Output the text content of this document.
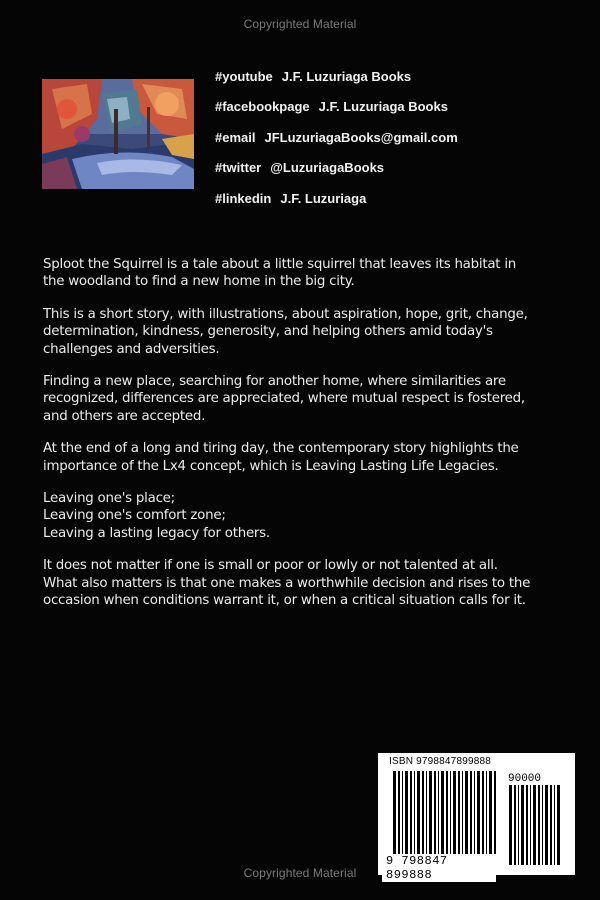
Copyrighted Material
#youtube J.F. Luzuriaga Books
#facebookpage J.F. Luzuriaga Books
#email JFLuzuriagaBooks@gmail.com
#twitter @LuzuriagaBooks
#linkedin J.F. Luzuriaga

Sploot the Squirrel is a tale about a little squirrel that leaves its habitat in
the woodland to find a new home in the big city.

This is a short story, with illustrations, about aspiration, hope, grit, change,
determination, kindness, generosity, and helping others amid today's
challenges and adversities.

Finding a new place, searching for another home, where similarities are
recognized, differences are appreciated, where mutual respect is fostered,
and others are accepted.

At the end of a long and tiring day, the contemporary story highlights the
importance of the Lx4 concept, which is Leaving Lasting Life Legacies.

Leaving one's place;
Leaving one's comfort zone;
Leaving a lasting legacy for others.

It does not matter if one is small or poor or lowly or not talented at all.
What also matters is that one makes a worthwhile decision and rises to the
occasion when conditions warrant it, or when a critical situation calls for it.

ISBN 9798847899888
90000
9 798847 899888
Copyrighted Material
